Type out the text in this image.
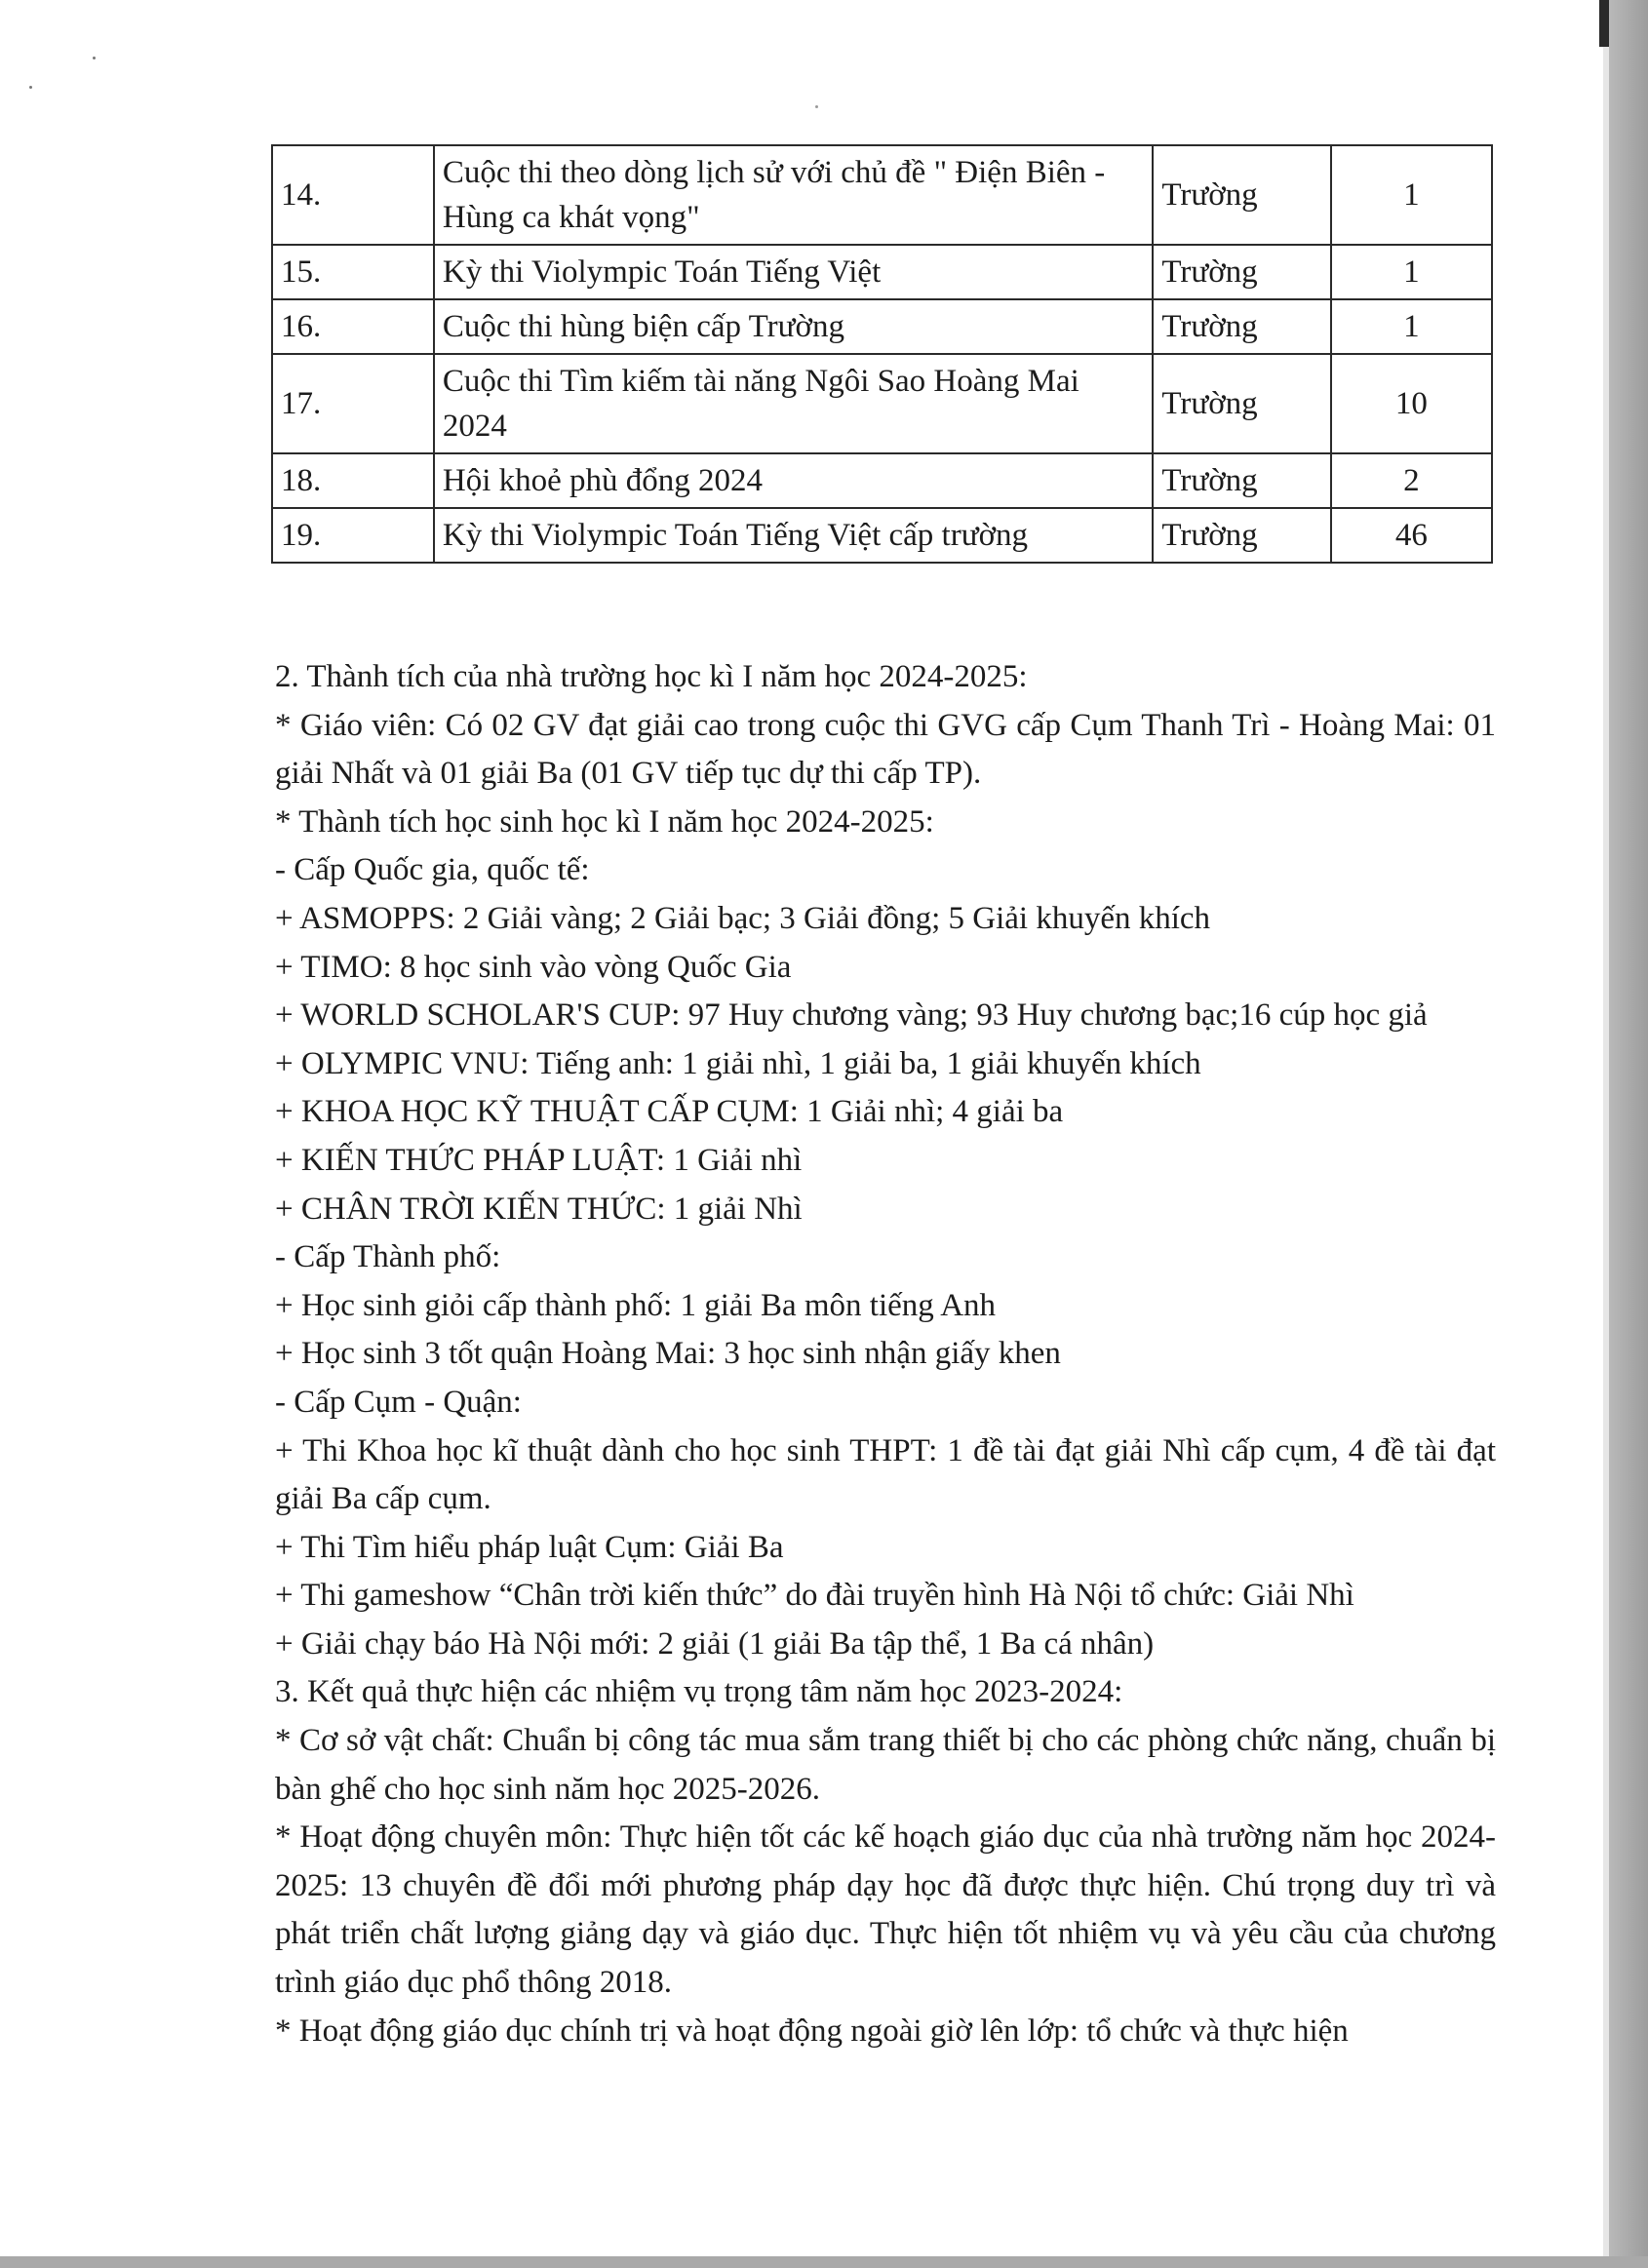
14.	Cuộc thi theo dòng lịch sử với chủ đề " Điện Biên - Hùng ca khát vọng"	Trường	1
15.	Kỳ thi Violympic Toán Tiếng Việt	Trường	1
16.	Cuộc thi hùng biện cấp Trường	Trường	1
17.	Cuộc thi Tìm kiếm tài năng Ngôi Sao Hoàng Mai 2024	Trường	10
18.	Hội khoẻ phù đổng 2024	Trường	2
19.	Kỳ thi Violympic Toán Tiếng Việt cấp trường	Trường	46

2. Thành tích của nhà trường học kì I năm học 2024-2025:

* Giáo viên: Có 02 GV đạt giải cao trong cuộc thi GVG cấp Cụm Thanh Trì - Hoàng Mai: 01 giải Nhất và 01 giải Ba (01 GV tiếp tục dự thi cấp TP).

* Thành tích học sinh học kì I năm học 2024-2025:

- Cấp Quốc gia, quốc tế:

+ ASMOPPS: 2 Giải vàng; 2 Giải bạc; 3 Giải đồng; 5 Giải khuyến khích

+ TIMO: 8 học sinh vào vòng Quốc Gia

+ WORLD SCHOLAR'S CUP: 97 Huy chương vàng; 93 Huy chương bạc;16 cúp học giả

+ OLYMPIC VNU: Tiếng anh: 1 giải nhì, 1 giải ba, 1 giải khuyến khích

+ KHOA HỌC KỸ THUẬT CẤP CỤM: 1 Giải nhì; 4 giải ba

+ KIẾN THỨC PHÁP LUẬT: 1 Giải nhì

+ CHÂN TRỜI KIẾN THỨC: 1 giải Nhì

- Cấp Thành phố:

+ Học sinh giỏi cấp thành phố: 1 giải Ba môn tiếng Anh

+ Học sinh 3 tốt quận Hoàng Mai: 3 học sinh nhận giấy khen

- Cấp Cụm - Quận:

+ Thi Khoa học kĩ thuật dành cho học sinh THPT: 1 đề tài đạt giải Nhì cấp cụm, 4 đề tài đạt giải Ba cấp cụm.

+ Thi Tìm hiểu pháp luật Cụm: Giải Ba

+ Thi gameshow “Chân trời kiến thức” do đài truyền hình Hà Nội tổ chức: Giải Nhì

+ Giải chạy báo Hà Nội mới: 2 giải (1 giải Ba tập thể, 1 Ba cá nhân)

3. Kết quả thực hiện các nhiệm vụ trọng tâm năm học 2023-2024:

* Cơ sở vật chất: Chuẩn bị công tác mua sắm trang thiết bị cho các phòng chức năng, chuẩn bị bàn ghế cho học sinh năm học 2025-2026.

* Hoạt động chuyên môn: Thực hiện tốt các kế hoạch giáo dục của nhà trường năm học 2024-2025: 13 chuyên đề đổi mới phương pháp dạy học đã được thực hiện. Chú trọng duy trì và phát triển chất lượng giảng dạy và giáo dục. Thực hiện tốt nhiệm vụ và yêu cầu của chương trình giáo dục phổ thông 2018.

* Hoạt động giáo dục chính trị và hoạt động ngoài giờ lên lớp: tổ chức và thực hiện
